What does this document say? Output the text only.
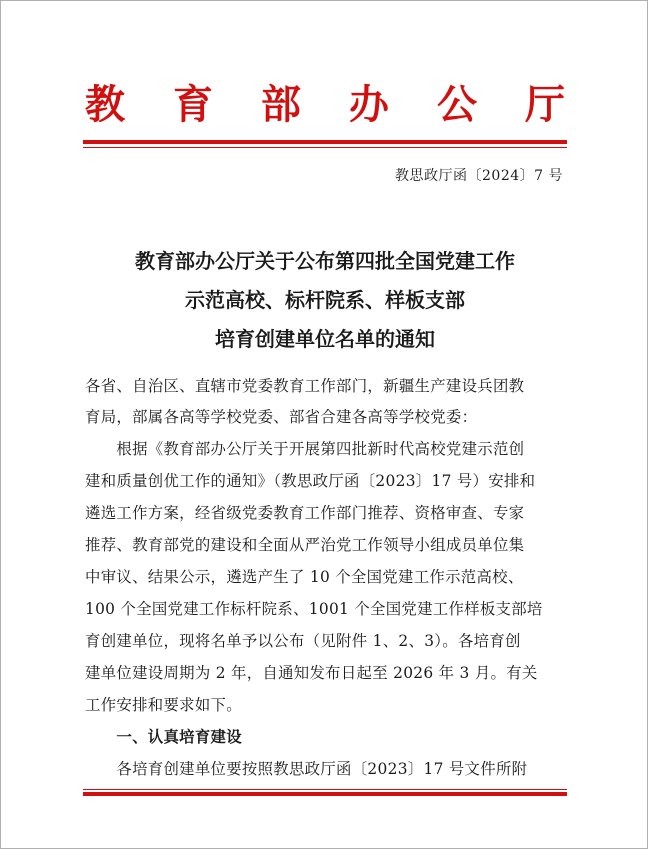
教 育 部 办 公 厅
教思政厅函〔2024〕7 号
教育部办公厅关于公布第四批全国党建工作
示范高校、标杆院系、样板支部
培育创建单位名单的通知
各省、自治区、直辖市党委教育工作部门，新疆生产建设兵团教
育局，部属各高等学校党委、部省合建各高等学校党委：
　　根据《教育部办公厅关于开展第四批新时代高校党建示范创
建和质量创优工作的通知》（教思政厅函〔2023〕17 号）安排和
遴选工作方案，经省级党委教育工作部门推荐、资格审查、专家
推荐、教育部党的建设和全面从严治党工作领导小组成员单位集
中审议、结果公示，遴选产生了 10 个全国党建工作示范高校、
100 个全国党建工作标杆院系、1001 个全国党建工作样板支部培
育创建单位，现将名单予以公布（见附件 1、2、3）。各培育创
建单位建设周期为 2 年，自通知发布日起至 2026 年 3 月。有关
工作安排和要求如下。
　　一、认真培育建设
　　各培育创建单位要按照教思政厅函〔2023〕17 号文件所附
